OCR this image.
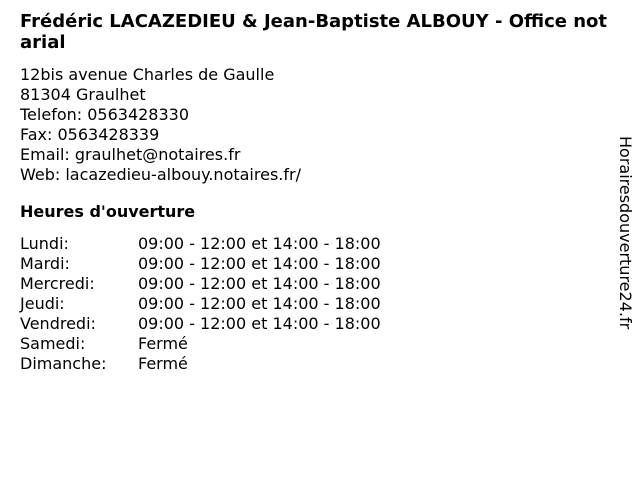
Frédéric LACAZEDIEU & Jean-Baptiste ALBOUY - Office notarial
12bis avenue Charles de Gaulle
81304 Graulhet
Telefon: 0563428330
Fax: 0563428339
Email: graulhet@notaires.fr
Web: lacazedieu-albouy.notaires.fr/
Heures d'ouverture
Lundi:	09:00 - 12:00 et 14:00 - 18:00
Mardi:	09:00 - 12:00 et 14:00 - 18:00
Mercredi:	09:00 - 12:00 et 14:00 - 18:00
Jeudi:	09:00 - 12:00 et 14:00 - 18:00
Vendredi:	09:00 - 12:00 et 14:00 - 18:00
Samedi:	Fermé
Dimanche:	Fermé
Horairesdouverture24.fr
